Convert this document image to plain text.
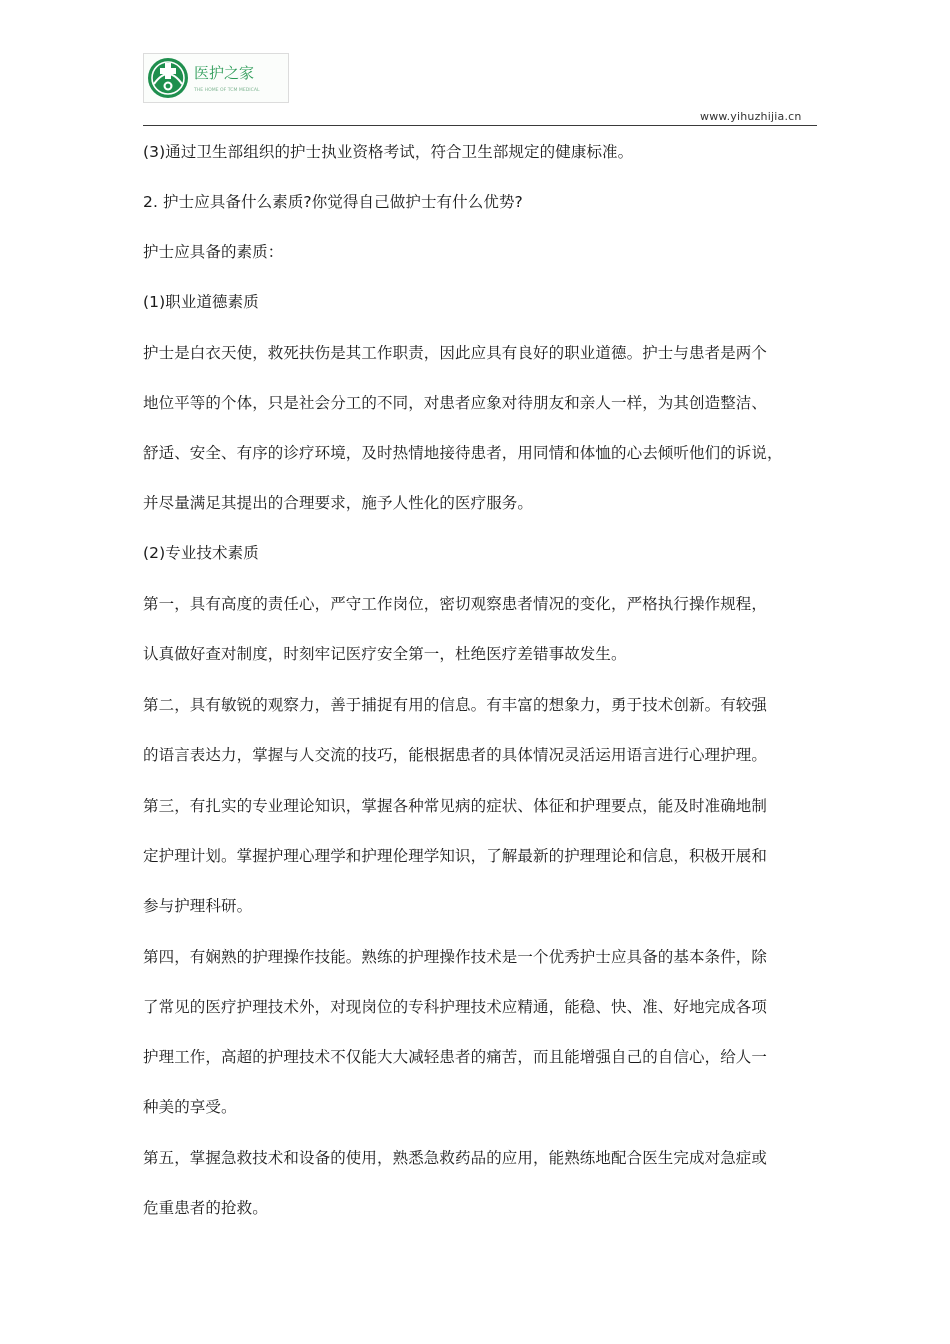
医护之家
THE HOME OF TCM MEDICAL
www.yihuzhijia.cn

(3)通过卫生部组织的护士执业资格考试，符合卫生部规定的健康标准。

2. 护士应具备什么素质?你觉得自己做护士有什么优势?

护士应具备的素质：

(1)职业道德素质

护士是白衣天使，救死扶伤是其工作职责，因此应具有良好的职业道德。护士与患者是两个
地位平等的个体，只是社会分工的不同，对患者应象对待朋友和亲人一样，为其创造整洁、
舒适、安全、有序的诊疗环境，及时热情地接待患者，用同情和体恤的心去倾听他们的诉说，
并尽量满足其提出的合理要求，施予人性化的医疗服务。

(2)专业技术素质

第一，具有高度的责任心，严守工作岗位，密切观察患者情况的变化，严格执行操作规程，
认真做好查对制度，时刻牢记医疗安全第一，杜绝医疗差错事故发生。

第二，具有敏锐的观察力，善于捕捉有用的信息。有丰富的想象力，勇于技术创新。有较强
的语言表达力，掌握与人交流的技巧，能根据患者的具体情况灵活运用语言进行心理护理。

第三，有扎实的专业理论知识，掌握各种常见病的症状、体征和护理要点，能及时准确地制
定护理计划。掌握护理心理学和护理伦理学知识，了解最新的护理理论和信息，积极开展和
参与护理科研。

第四，有娴熟的护理操作技能。熟练的护理操作技术是一个优秀护士应具备的基本条件，除
了常见的医疗护理技术外，对现岗位的专科护理技术应精通，能稳、快、准、好地完成各项
护理工作，高超的护理技术不仅能大大减轻患者的痛苦，而且能增强自己的自信心，给人一
种美的享受。

第五，掌握急救技术和设备的使用，熟悉急救药品的应用，能熟练地配合医生完成对急症或
危重患者的抢救。
